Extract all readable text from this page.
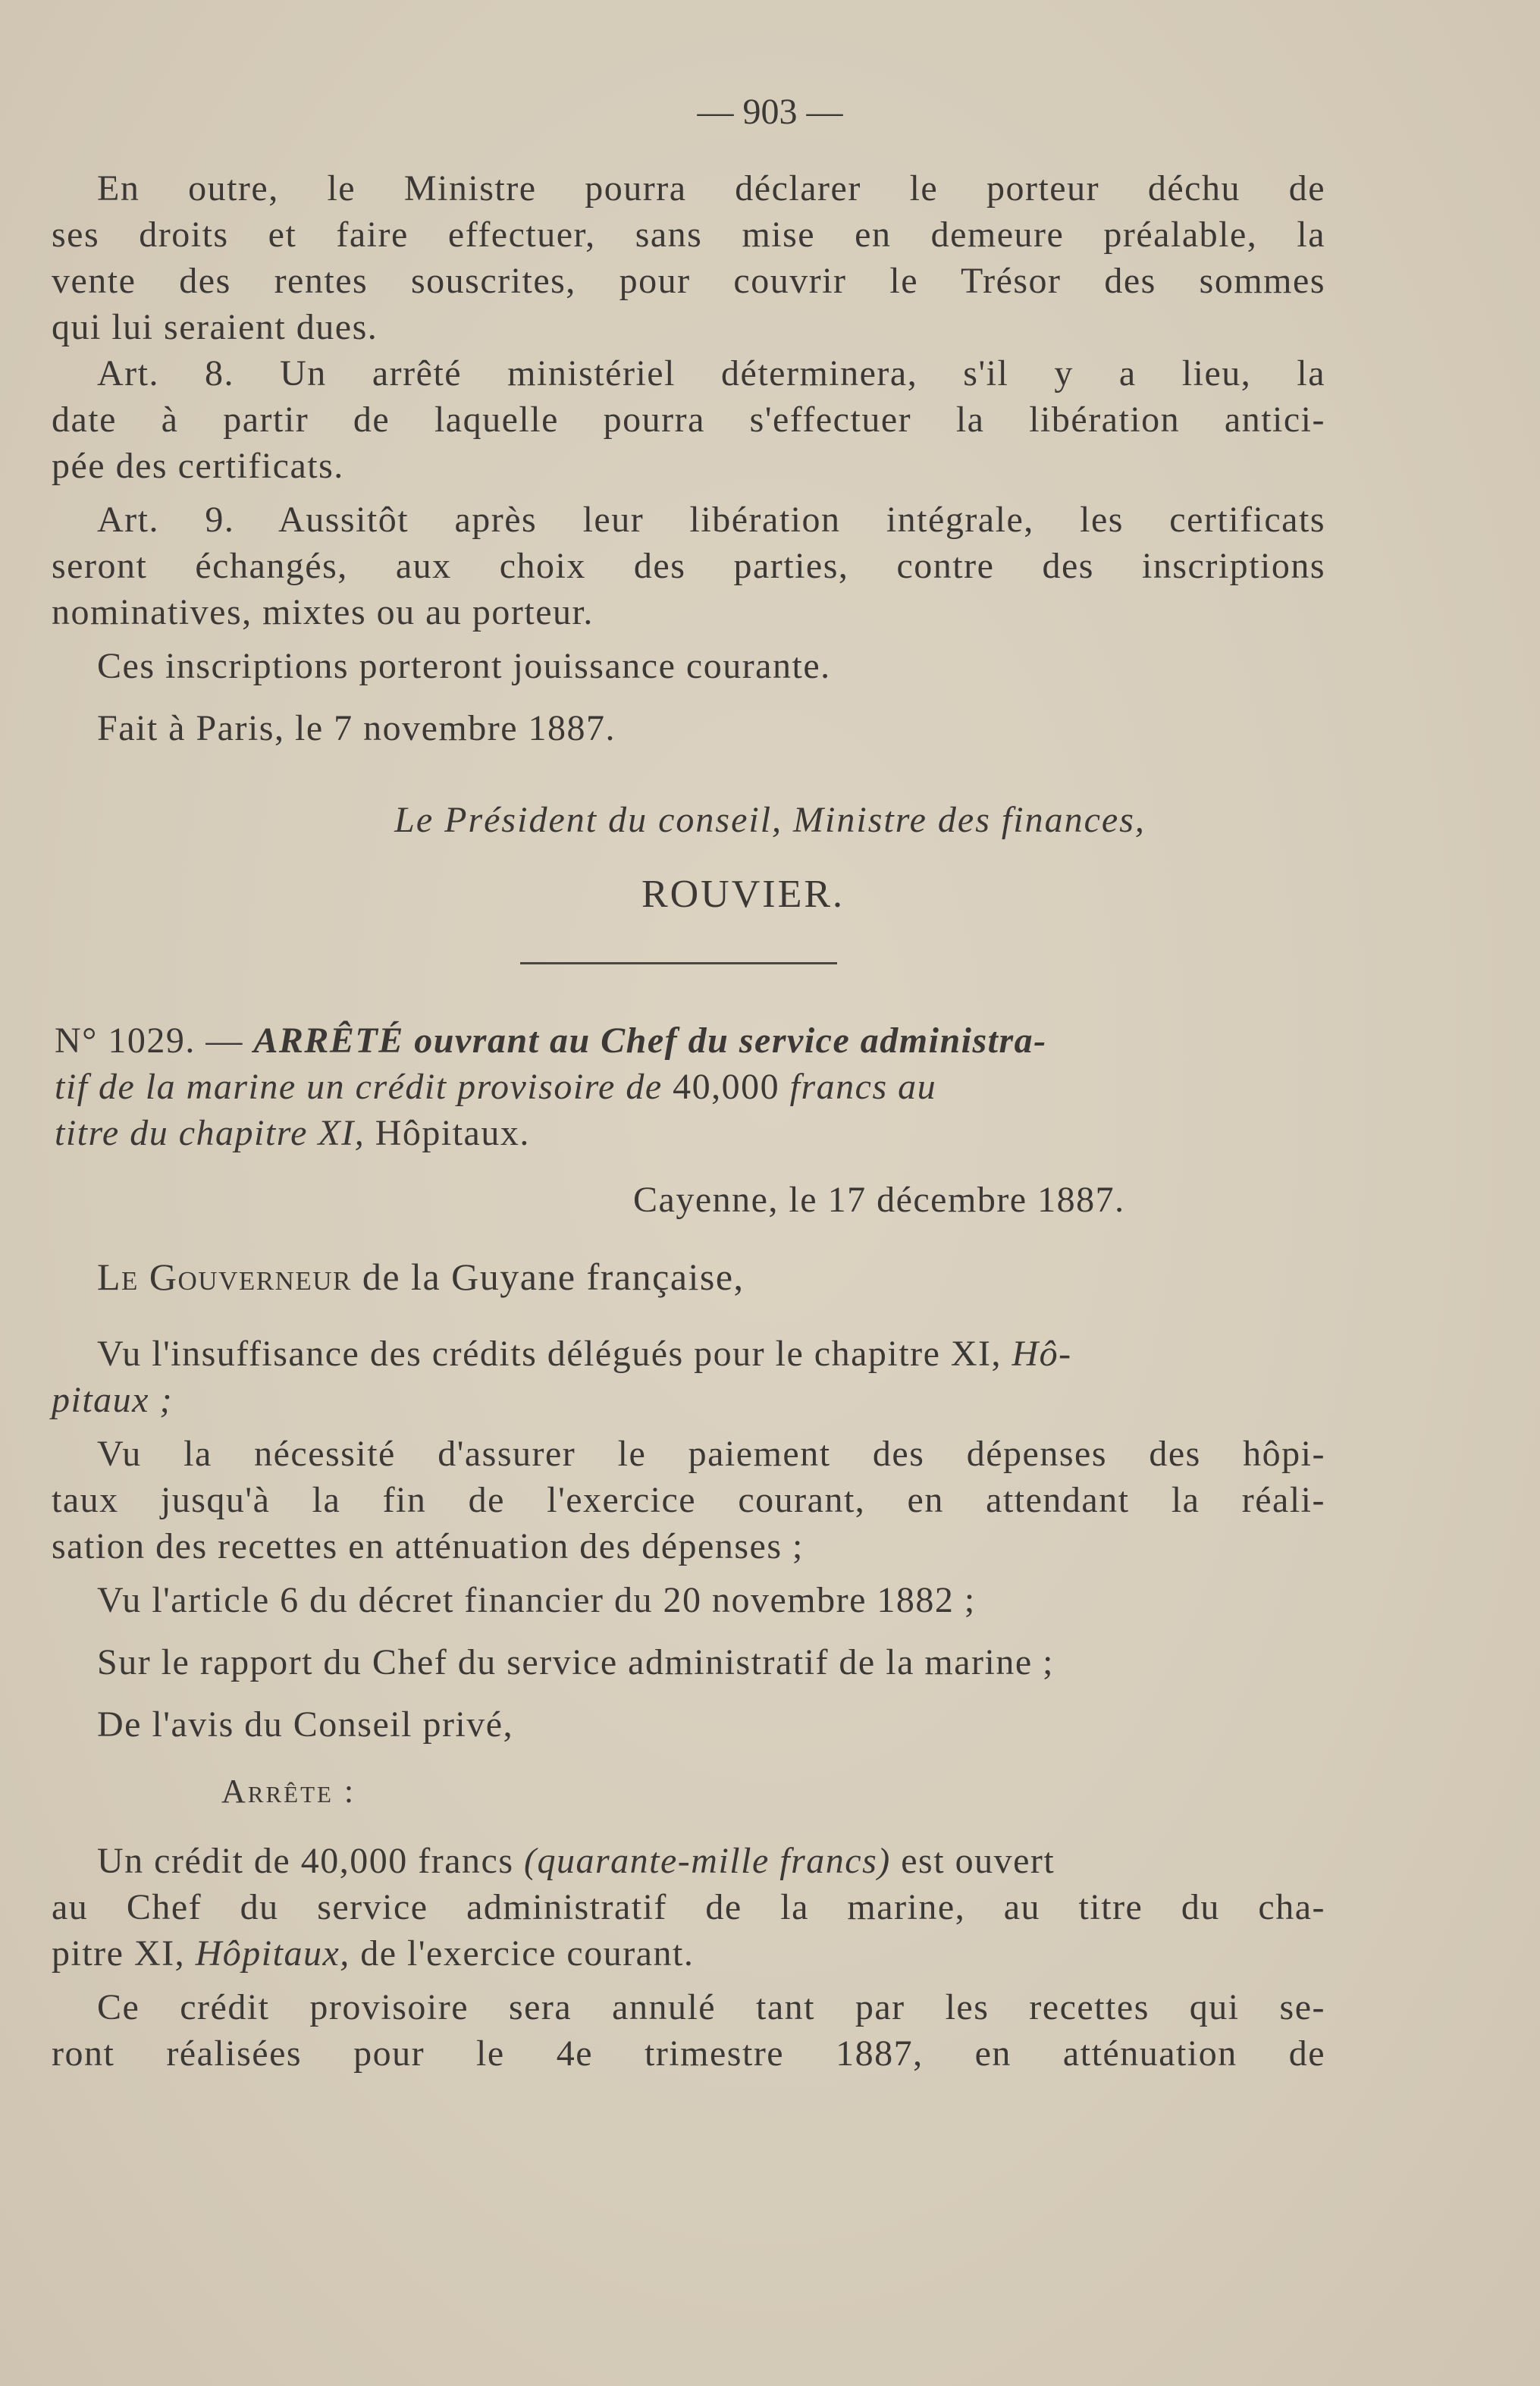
— 903 —
En outre, le Ministre pourra déclarer le porteur déchu de
ses droits et faire effectuer, sans mise en demeure préalable, la
vente des rentes souscrites, pour couvrir le Trésor des sommes
qui lui seraient dues.
Art. 8. Un arrêté ministériel déterminera, s'il y a lieu, la
date à partir de laquelle pourra s'effectuer la libération antici-
pée des certificats.
Art. 9. Aussitôt après leur libération intégrale, les certificats
seront échangés, aux choix des parties, contre des inscriptions
nominatives, mixtes ou au porteur.
Ces inscriptions porteront jouissance courante.
Fait à Paris, le 7 novembre 1887.
Le Président du conseil, Ministre des finances,
ROUVIER.
N° 1029. — ARRÊTÉ ouvrant au Chef du service administra-
tif de la marine un crédit provisoire de 40,000 francs au
titre du chapitre XI, Hôpitaux.
Cayenne, le 17 décembre 1887.
Le Gouverneur de la Guyane française,
Vu l'insuffisance des crédits délégués pour le chapitre XI, Hô-
pitaux ;
Vu la nécessité d'assurer le paiement des dépenses des hôpi-
taux jusqu'à la fin de l'exercice courant, en attendant la réali-
sation des recettes en atténuation des dépenses ;
Vu l'article 6 du décret financier du 20 novembre 1882 ;
Sur le rapport du Chef du service administratif de la marine ;
De l'avis du Conseil privé,
Arrête :
Un crédit de 40,000 francs (quarante-mille francs) est ouvert
au Chef du service administratif de la marine, au titre du cha-
pitre XI, Hôpitaux, de l'exercice courant.
Ce crédit provisoire sera annulé tant par les recettes qui se-
ront réalisées pour le 4e trimestre 1887, en atténuation de
